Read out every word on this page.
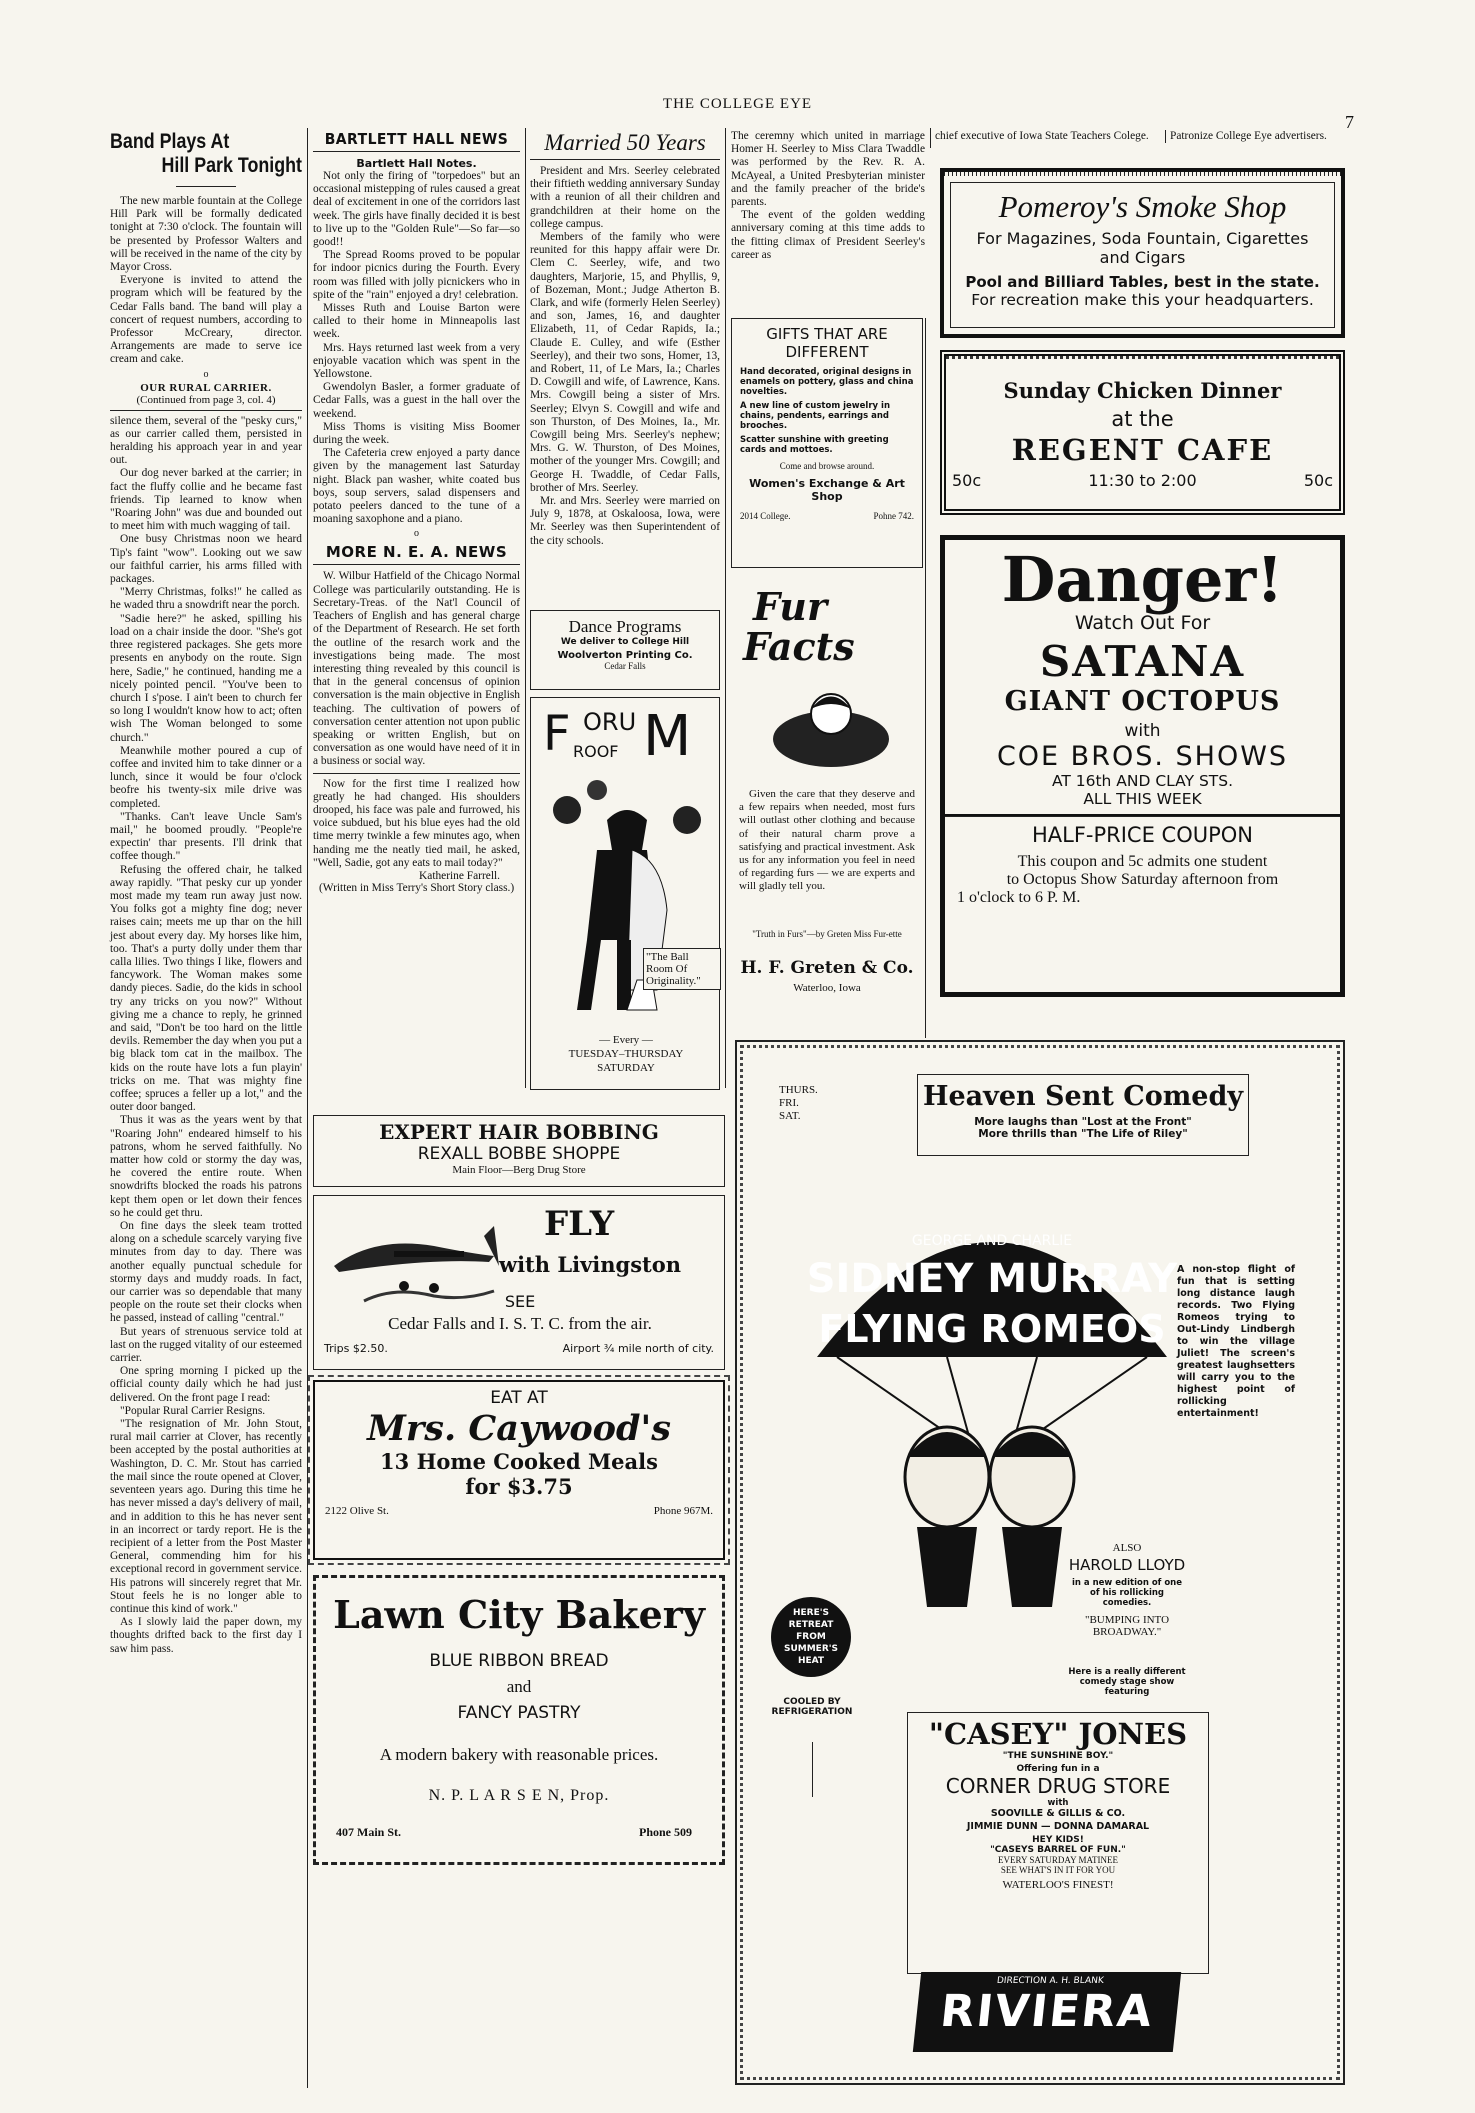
THE COLLEGE EYE
7
Band Plays At
Hill Park Tonight

The new marble fountain at the College Hill Park will be formally dedicated tonight at 7:30 o'clock. The fountain will be presented by Professor Walters and will be received in the name of the city by Mayor Cross.

Everyone is invited to attend the program which will be featured by the Cedar Falls band. The band will play a concert of request numbers, according to Professor McCreary, director. Arrangements are made to serve ice cream and cake.

o
OUR RURAL CARRIER.
(Continued from page 3, col. 4)

silence them, several of the "pesky curs," as our carrier called them, persisted in heralding his approach year in and year out.

Our dog never barked at the carrier; in fact the fluffy collie and he became fast friends. Tip learned to know when "Roaring John" was due and bounded out to meet him with much wagging of tail.

One busy Christmas noon we heard Tip's faint "wow". Looking out we saw our faithful carrier, his arms filled with packages.

"Merry Christmas, folks!" he called as he waded thru a snowdrift near the porch.

"Sadie here?" he asked, spilling his load on a chair inside the door. "She's got three registered packages. She gets more presents en anybody on the route. Sign here, Sadie," he continued, handing me a nicely pointed pencil. "You've been to church I s'pose. I ain't been to church fer so long I wouldn't know how to act; often wish The Woman belonged to some church."

Meanwhile mother poured a cup of coffee and invited him to take dinner or a lunch, since it would be four o'clock beofre his twenty-six mile drive was completed.

"Thanks. Can't leave Uncle Sam's mail," he boomed proudly. "People're expectin' thar presents. I'll drink that coffee though."

Refusing the offered chair, he talked away rapidly. "That pesky cur up yonder most made my team run away just now. You folks got a mighty fine dog; never raises cain; meets me up thar on the hill jest about every day. My horses like him, too. That's a purty dolly under them thar calla lilies. Two things I like, flowers and fancywork. The Woman makes some dandy pieces. Sadie, do the kids in school try any tricks on you now?" Without giving me a chance to reply, he grinned and said, "Don't be too hard on the little devils. Remember the day when you put a big black tom cat in the mailbox. The kids on the route have lots a fun playin' tricks on me. That was mighty fine coffee; spruces a feller up a lot," and the outer door banged.

Thus it was as the years went by that "Roaring John" endeared himself to his patrons, whom he served faithfully. No matter how cold or stormy the day was, he covered the entire route. When snowdrifts blocked the roads his patrons kept them open or let down their fences so he could get thru.

On fine days the sleek team trotted along on a schedule scarcely varying five minutes from day to day. There was another equally punctual schedule for stormy days and muddy roads. In fact, our carrier was so dependable that many people on the route set their clocks when he passed, instead of calling "central."

But years of strenuous service told at last on the rugged vitality of our esteemed carrier.

One spring morning I picked up the official county daily which he had just delivered. On the front page I read:

"Popular Rural Carrier Resigns.

"The resignation of Mr. John Stout, rural mail carrier at Clover, has recently been accepted by the postal authorities at Washington, D. C. Mr. Stout has carried the mail since the route opened at Clover, seventeen years ago. During this time he has never missed a day's delivery of mail, and in addition to this he has never sent in an incorrect or tardy report. He is the recipient of a letter from the Post Master General, commending him for his exceptional record in government service. His patrons will sincerely regret that Mr. Stout feels he is no longer able to continue this kind of work."

As I slowly laid the paper down, my thoughts drifted back to the first day I saw him pass.

BARTLETT HALL NEWS
Bartlett Hall Notes.

Not only the firing of "torpedoes" but an occasional mistepping of rules caused a great deal of excitement in one of the corridors last week. The girls have finally decided it is best to live up to the "Golden Rule"—So far—so good!!

The Spread Rooms proved to be popular for indoor picnics during the Fourth. Every room was filled with jolly picnickers who in spite of the "rain" enjoyed a dry! celebration.

Misses Ruth and Louise Barton were called to their home in Minneapolis last week.

Mrs. Hays returned last week from a very enjoyable vacation which was spent in the Yellowstone.

Gwendolyn Basler, a former graduate of Cedar Falls, was a guest in the hall over the weekend.

Miss Thoms is visiting Miss Boomer during the week.

The Cafeteria crew enjoyed a party dance given by the management last Saturday night. Black pan washer, white coated bus boys, soup servers, salad dispensers and potato peelers danced to the tune of a moaning saxophone and a piano.

o
MORE N. E. A. NEWS

W. Wilbur Hatfield of the Chicago Normal College was particularily outstanding. He is Secretary-Treas. of the Nat'l Council of Teachers of English and has general charge of the Department of Research. He set forth the outline of the resarch work and the investigations being made. The most interesting thing revealed by this council is that in the general concensus of opinion conversation is the main objective in English teaching. The cultivation of powers of conversation center attention not upon public speaking or written English, but on conversation as one would have need of it in a business or social way.

Now for the first time I realized how greatly he had changed. His shoulders drooped, his face was pale and furrowed, his voice subdued, but his blue eyes had the old time merry twinkle a few minutes ago, when handing me the neatly tied mail, he asked, "Well, Sadie, got any eats to mail today?"

Katherine Farrell.
(Written in Miss Terry's Short Story class.)
Married 50 Years

President and Mrs. Seerley celebrated their fiftieth wedding anniversary Sunday with a reunion of all their children and grandchildren at their home on the college campus.

Members of the family who were reunited for this happy affair were Dr. Clem C. Seerley, wife, and two daughters, Marjorie, 15, and Phyllis, 9, of Bozeman, Mont.; Judge Atherton B. Clark, and wife (formerly Helen Seerley) and son, James, 16, and daughter Elizabeth, 11, of Cedar Rapids, Ia.; Claude E. Culley, and wife (Esther Seerley), and their two sons, Homer, 13, and Robert, 11, of Le Mars, Ia.; Charles D. Cowgill and wife, of Lawrence, Kans. Mrs. Cowgill being a sister of Mrs. Seerley; Elvyn S. Cowgill and wife and son Thurston, of Des Moines, Ia., Mr. Cowgill being Mrs. Seerley's nephew; Mrs. G. W. Thurston, of Des Moines, mother of the younger Mrs. Cowgill; and George H. Twaddle, of Cedar Falls, brother of Mrs. Seerley.

Mr. and Mrs. Seerley were married on July 9, 1878, at Oskaloosa, Iowa, were Mr. Seerley was then Superintendent of the city schools.

Dance Programs
We deliver to College Hill
Woolverton Printing Co.
Cedar Falls
F ORU
ROOF M
"The Ball Room Of Originality."
— Every —
TUESDAY–THURSDAY
SATURDAY

The ceremny which united in marriage Homer H. Seerley to Miss Clara Twaddle was performed by the Rev. R. A. McAyeal, a United Presbyterian minister and the family preacher of the bride's parents.

The event of the golden wedding anniversary coming at this time adds to the fitting climax of President Seerley's career as

GIFTS THAT ARE
DIFFERENT
Hand decorated, original designs in enamels on pottery, glass and china novelties.
A new line of custom jewelry in chains, pendents, earrings and brooches.
Scatter sunshine with greeting cards and mottoes.
Come and browse around.
Women's Exchange & Art Shop
2014 College.	Pohne 742.
Fur
Facts
Given the care that they deserve and a few repairs when needed, most furs will outlast other clothing and because of their natural charm prove a satisfying and practical investment. Ask us for any information you feel in need of regarding furs — we are experts and will gladly tell you.
"Truth in Furs"—by Greten Miss Fur-ette
H. F. Greten & Co.
Waterloo, Iowa
chief executive of Iowa State Teachers Colege.	Patronize College Eye advertisers.
Pomeroy's Smoke Shop
For Magazines, Soda Fountain, Cigarettes
and Cigars
Pool and Billiard Tables, best in the state.
For recreation make this your headquarters.
Sunday Chicken Dinner
at the
REGENT CAFE
50c	11:30 to 2:00	50c
Danger!
Watch Out For
SATANA
GIANT OCTOPUS
with
COE BROS. SHOWS
AT 16th AND CLAY STS.
ALL THIS WEEK
HALF-PRICE COUPON
This coupon and 5c admits one student
to Octopus Show Saturday afternoon from
1 o'clock to 6 P. M.
EXPERT HAIR BOBBING
REXALL BOBBE SHOPPE
Main Floor—Berg Drug Store
FLY
with Livingston
SEE
Cedar Falls and I. S. T. C. from the air.
Trips $2.50.	Airport ¾ mile north of city.
EAT AT
Mrs. Caywood's
13 Home Cooked Meals
for $3.75
2122 Olive St.	Phone 967M.
Lawn City Bakery
BLUE RIBBON BREAD
and
FANCY PASTRY
A modern bakery with reasonable prices.
N. P. L A R S E N, Prop.
407 Main St.	Phone 509
THURS.
FRI.
SAT.
Heaven Sent Comedy
More laughs than "Lost at the Front"
More thrills than "The Life of Riley"
GEORGE AND CHARLIE
SIDNEY MURRAY
FLYING ROMEOS
A non-stop flight of fun that is setting long distance laugh records. Two Flying Romeos trying to Out-Lindy Lindbergh to win the village Juliet! The screen's greatest laughsetters will carry you to the highest point of rollicking entertainment!
HERE'S
RETREAT
FROM
SUMMER'S
HEAT
COOLED BY REFRIGERATION
ALSO
HAROLD LLOYD
in a new edition of one of his rollicking comedies.
"BUMPING INTO BROADWAY."
Here is a really different comedy stage show featuring
"CASEY" JONES
"THE SUNSHINE BOY."
Offering fun in a
CORNER DRUG STORE
with
SOOVILLE & GILLIS & CO.
JIMMIE DUNN — DONNA DAMARAL
HEY KIDS!
"CASEYS BARREL OF FUN."
EVERY SATURDAY MATINEE
SEE WHAT'S IN IT FOR YOU
WATERLOO'S FINEST!
DIRECTION A. H. BLANK
RIVIERA
